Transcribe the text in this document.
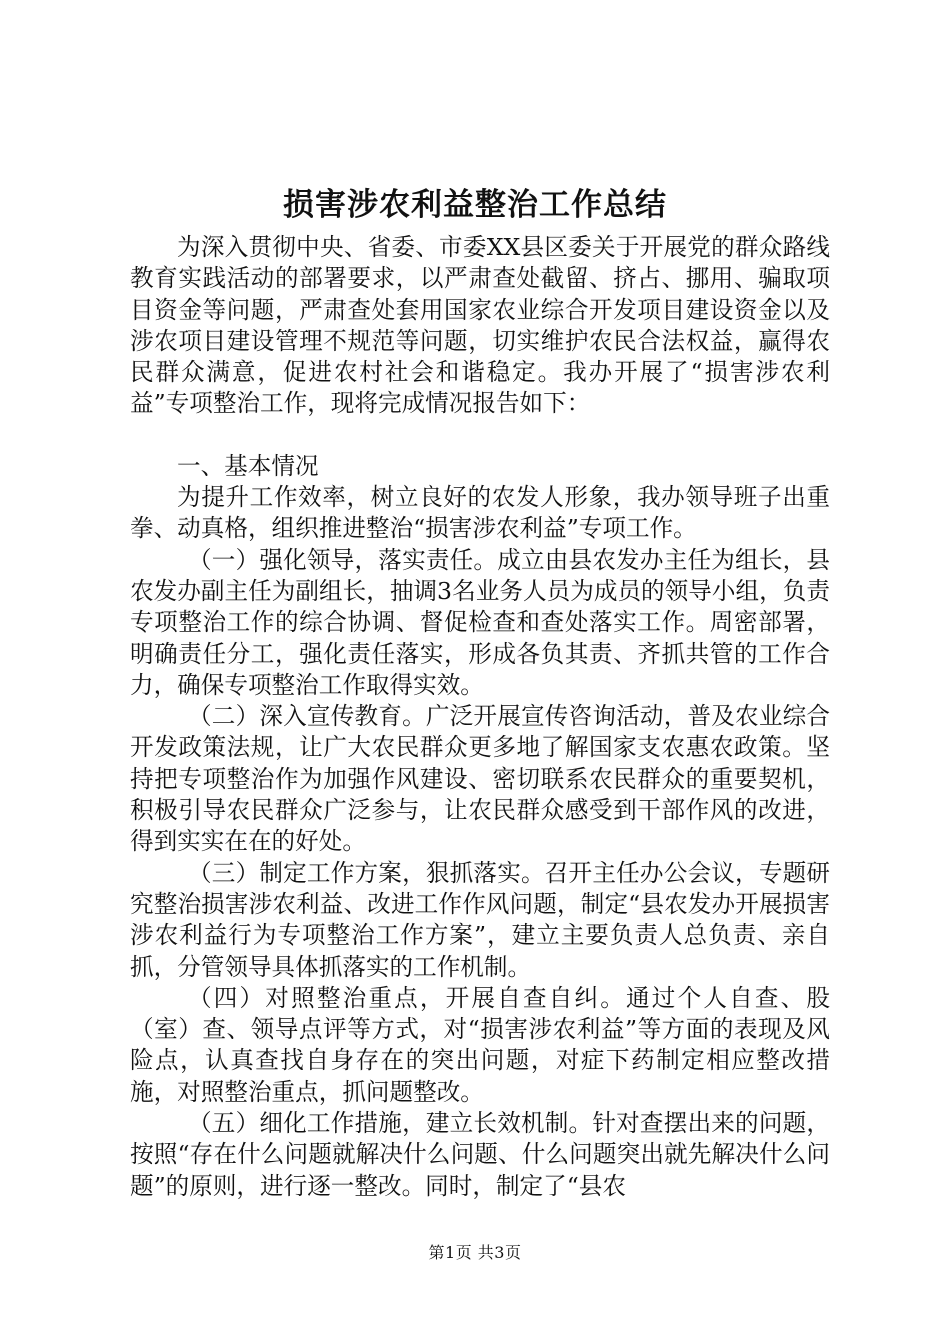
损害涉农利益整治工作总结

为深入贯彻中央、省委、市委XX县区委关于开展党的群众路线教育实践活动的部署要求，以严肃查处截留、挤占、挪用、骗取项目资金等问题，严肃查处套用国家农业综合开发项目建设资金以及涉农项目建设管理不规范等问题，切实维护农民合法权益，赢得农民群众满意，促进农村社会和谐稳定。我办开展了“损害涉农利益”专项整治工作，现将完成情况报告如下：

一、基本情况

为提升工作效率，树立良好的农发人形象，我办领导班子出重拳、动真格，组织推进整治“损害涉农利益”专项工作。

（一）强化领导，落实责任。成立由县农发办主任为组长，县农发办副主任为副组长，抽调3名业务人员为成员的领导小组，负责专项整治工作的综合协调、督促检查和查处落实工作。周密部署，明确责任分工，强化责任落实，形成各负其责、齐抓共管的工作合力，确保专项整治工作取得实效。

（二）深入宣传教育。广泛开展宣传咨询活动，普及农业综合开发政策法规，让广大农民群众更多地了解国家支农惠农政策。坚持把专项整治作为加强作风建设、密切联系农民群众的重要契机，积极引导农民群众广泛参与，让农民群众感受到干部作风的改进，得到实实在在的好处。

（三）制定工作方案，狠抓落实。召开主任办公会议，专题研究整治损害涉农利益、改进工作作风问题，制定“县农发办开展损害涉农利益行为专项整治工作方案”，建立主要负责人总负责、亲自抓，分管领导具体抓落实的工作机制。

（四）对照整治重点，开展自查自纠。通过个人自查、股（室）查、领导点评等方式，对“损害涉农利益”等方面的表现及风险点，认真查找自身存在的突出问题，对症下药制定相应整改措施，对照整治重点，抓问题整改。

（五）细化工作措施，建立长效机制。针对查摆出来的问题，按照“存在什么问题就解决什么问题、什么问题突出就先解决什么问题”的原则，进行逐一整改。同时，制定了“县农

第1页 共3页
